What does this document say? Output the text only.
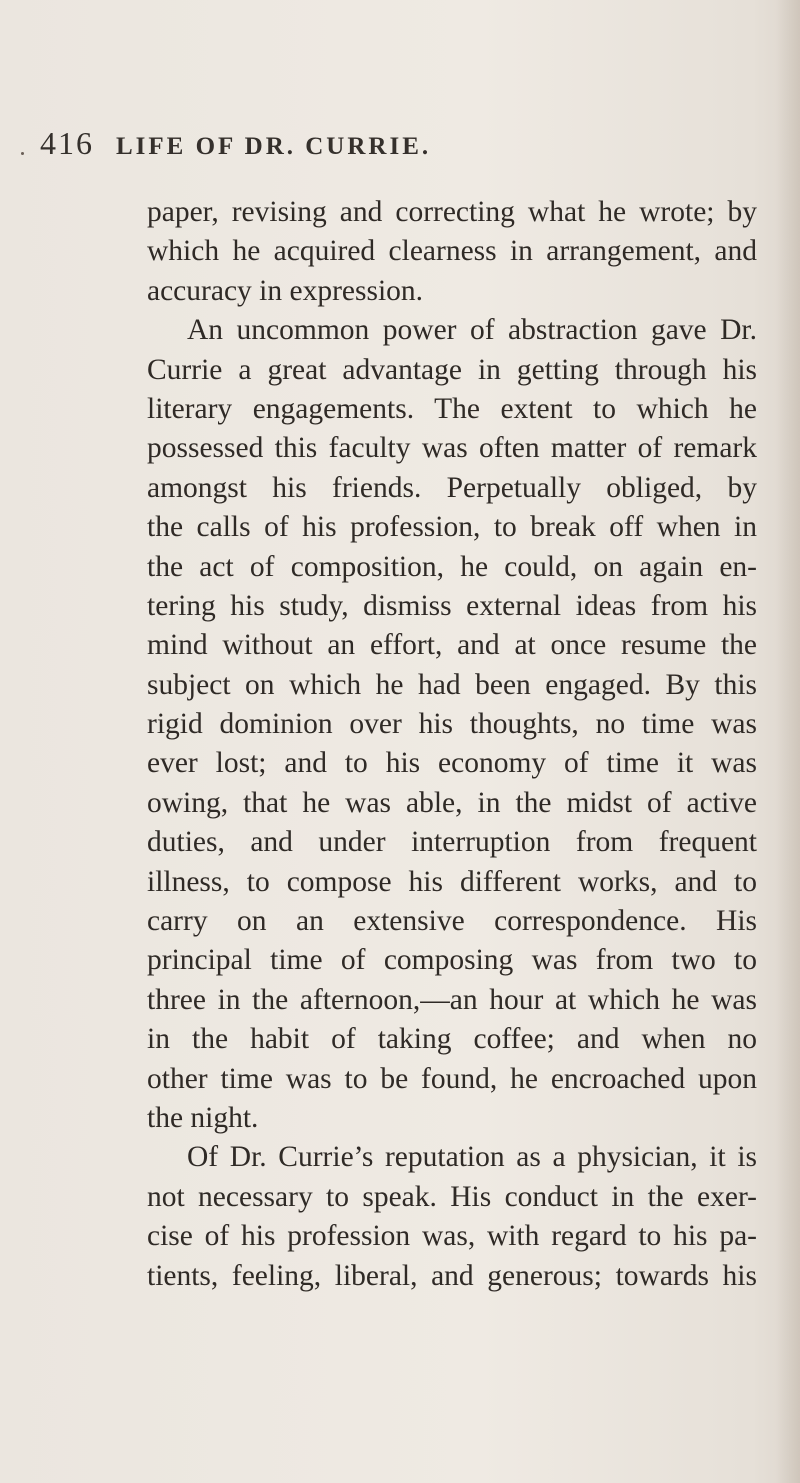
416 LIFE OF DR. CURRIE.
paper, revising and correcting what he wrote; by
which he acquired clearness in arrangement, and
accuracy in expression.
An uncommon power of abstraction gave Dr.
Currie a great advantage in getting through his
literary engagements. The extent to which he
possessed this faculty was often matter of remark
amongst his friends. Perpetually obliged, by
the calls of his profession, to break off when in
the act of composition, he could, on again en-
tering his study, dismiss external ideas from his
mind without an effort, and at once resume the
subject on which he had been engaged. By this
rigid dominion over his thoughts, no time was
ever lost; and to his economy of time it was
owing, that he was able, in the midst of active
duties, and under interruption from frequent
illness, to compose his different works, and to
carry on an extensive correspondence. His
principal time of composing was from two to
three in the afternoon,—an hour at which he was
in the habit of taking coffee; and when no
other time was to be found, he encroached upon
the night.
Of Dr. Currie’s reputation as a physician, it is
not necessary to speak. His conduct in the exer-
cise of his profession was, with regard to his pa-
tients, feeling, liberal, and generous; towards his
